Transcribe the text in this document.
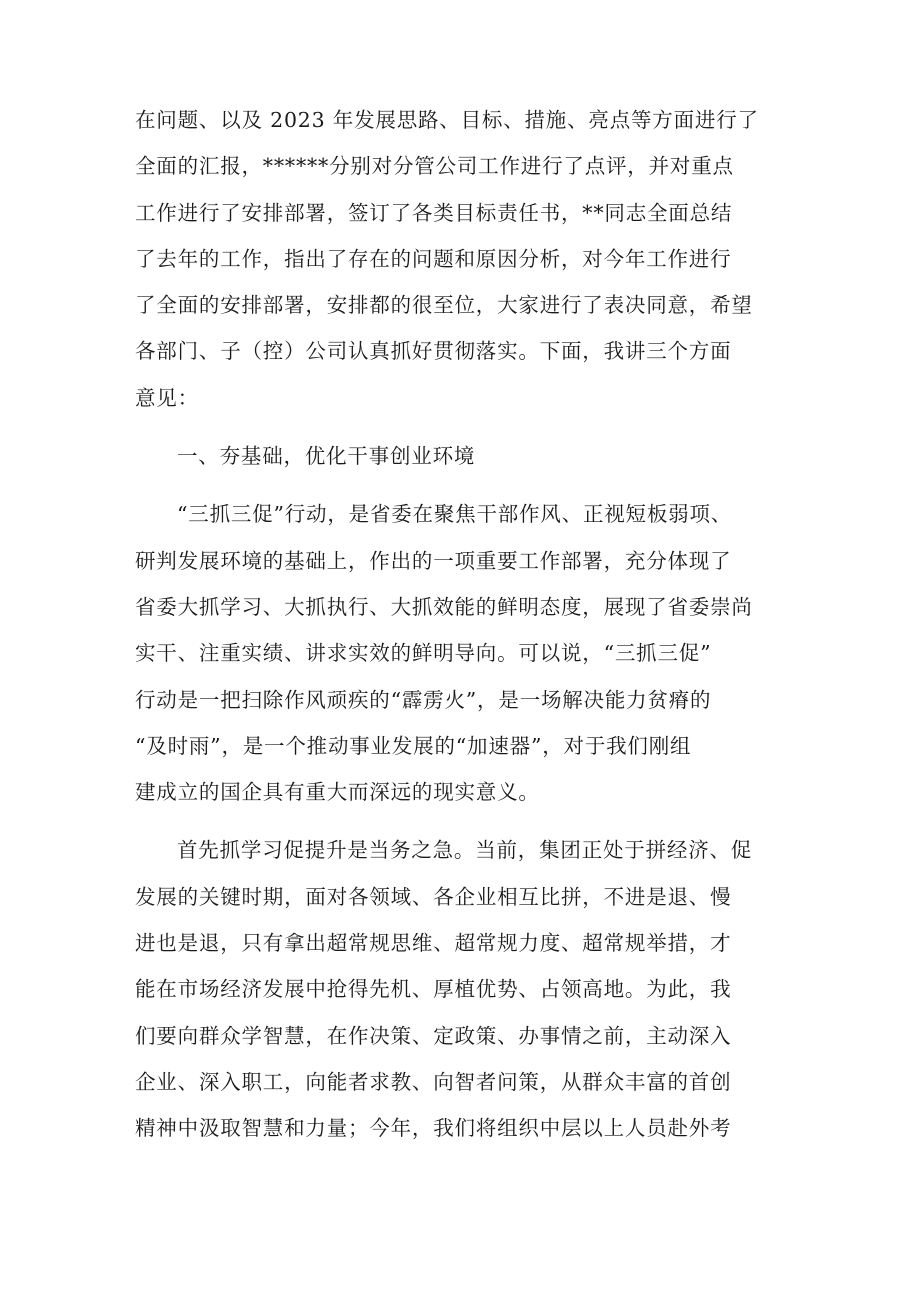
在问题、以及 2023 年发展思路、目标、措施、亮点等方面进行了
全面的汇报，******分别对分管公司工作进行了点评，并对重点
工作进行了安排部署，签订了各类目标责任书，**同志全面总结
了去年的工作，指出了存在的问题和原因分析，对今年工作进行
了全面的安排部署，安排都的很至位，大家进行了表决同意，希望
各部门、子（控）公司认真抓好贯彻落实。下面，我讲三个方面
意见：
一、夯基础，优化干事创业环境
“三抓三促”行动，是省委在聚焦干部作风、正视短板弱项、
研判发展环境的基础上，作出的一项重要工作部署，充分体现了
省委大抓学习、大抓执行、大抓效能的鲜明态度，展现了省委崇尚
实干、注重实绩、讲求实效的鲜明导向。可以说，“三抓三促”
行动是一把扫除作风顽疾的“霹雳火”，是一场解决能力贫瘠的
“及时雨”，是一个推动事业发展的“加速器”，对于我们刚组
建成立的国企具有重大而深远的现实意义。
首先抓学习促提升是当务之急。当前，集团正处于拼经济、促
发展的关键时期，面对各领域、各企业相互比拼，不进是退、慢
进也是退，只有拿出超常规思维、超常规力度、超常规举措，才
能在市场经济发展中抢得先机、厚植优势、占领高地。为此，我
们要向群众学智慧，在作决策、定政策、办事情之前，主动深入
企业、深入职工，向能者求教、向智者问策，从群众丰富的首创
精神中汲取智慧和力量；今年，我们将组织中层以上人员赴外考
